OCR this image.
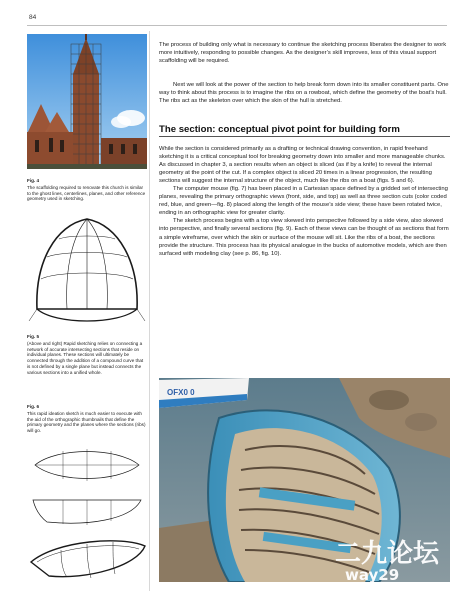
84
Fig. 4
The scaffolding required to renovate this church is similar to the ghost lines, centerlines, planes, and other reference geometry used in sketching.
Fig. 5
(Above and right) Rapid sketching relies on connecting a network of accurate intersecting sections that reside on individual planes. These sections will ultimately be connected through the addition of a compound curve that is not defined by a single plane but instead connects the various sections into a unified whole.
Fig. 6
This rapid ideation sketch is much easier to execute with the aid of the orthographic thumbnails that define the primary geometry and the planes where the sections (ribs) will go.

The process of building only what is necessary to continue the sketching process liberates the designer to work more intuitively, responding to possible changes. As the designer’s skill improves, less of this visual support scaffolding will be required.

Next we will look at the power of the section to help break form down into its smaller constituent parts. One way to think about this process is to imagine the ribs on a rowboat, which define the geometry of the boat’s hull. The ribs act as the skeleton over which the skin of the hull is stretched.

The section: conceptual pivot point for building form

While the section is considered primarily as a drafting or technical drawing convention, in rapid freehand sketching it is a critical conceptual tool for breaking geometry down into smaller and more manageable chunks. As discussed in chapter 3, a section results when an object is sliced (as if by a knife) to reveal the internal geometry at the point of the cut. If a complex object is sliced 20 times in a linear progression, the resulting sections will suggest the internal structure of the object, much like the ribs on a boat (figs. 5 and 6).

The computer mouse (fig. 7) has been placed in a Cartesian space defined by a gridded set of intersecting planes, revealing the primary orthographic views (front, side, and top) as well as three section cuts (color coded red, blue, and green—fig. 8) placed along the length of the mouse’s side view; these have been rotated twice, ending in an orthographic view for greater clarity.

The sketch process begins with a top view skewed into perspective followed by a side view, also skewed into perspective, and finally several sections (fig. 9). Each of these views can be thought of as sections that form a simple wireframe, over which the skin or surface of the mouse will sit. Like the ribs of a boat, the sections provide the structure. This process has its physical analogue in the bucks of automotive models, which are then surfaced with modeling clay (see p. 86, fig. 10).

OFX0 0
二九论坛
way29
